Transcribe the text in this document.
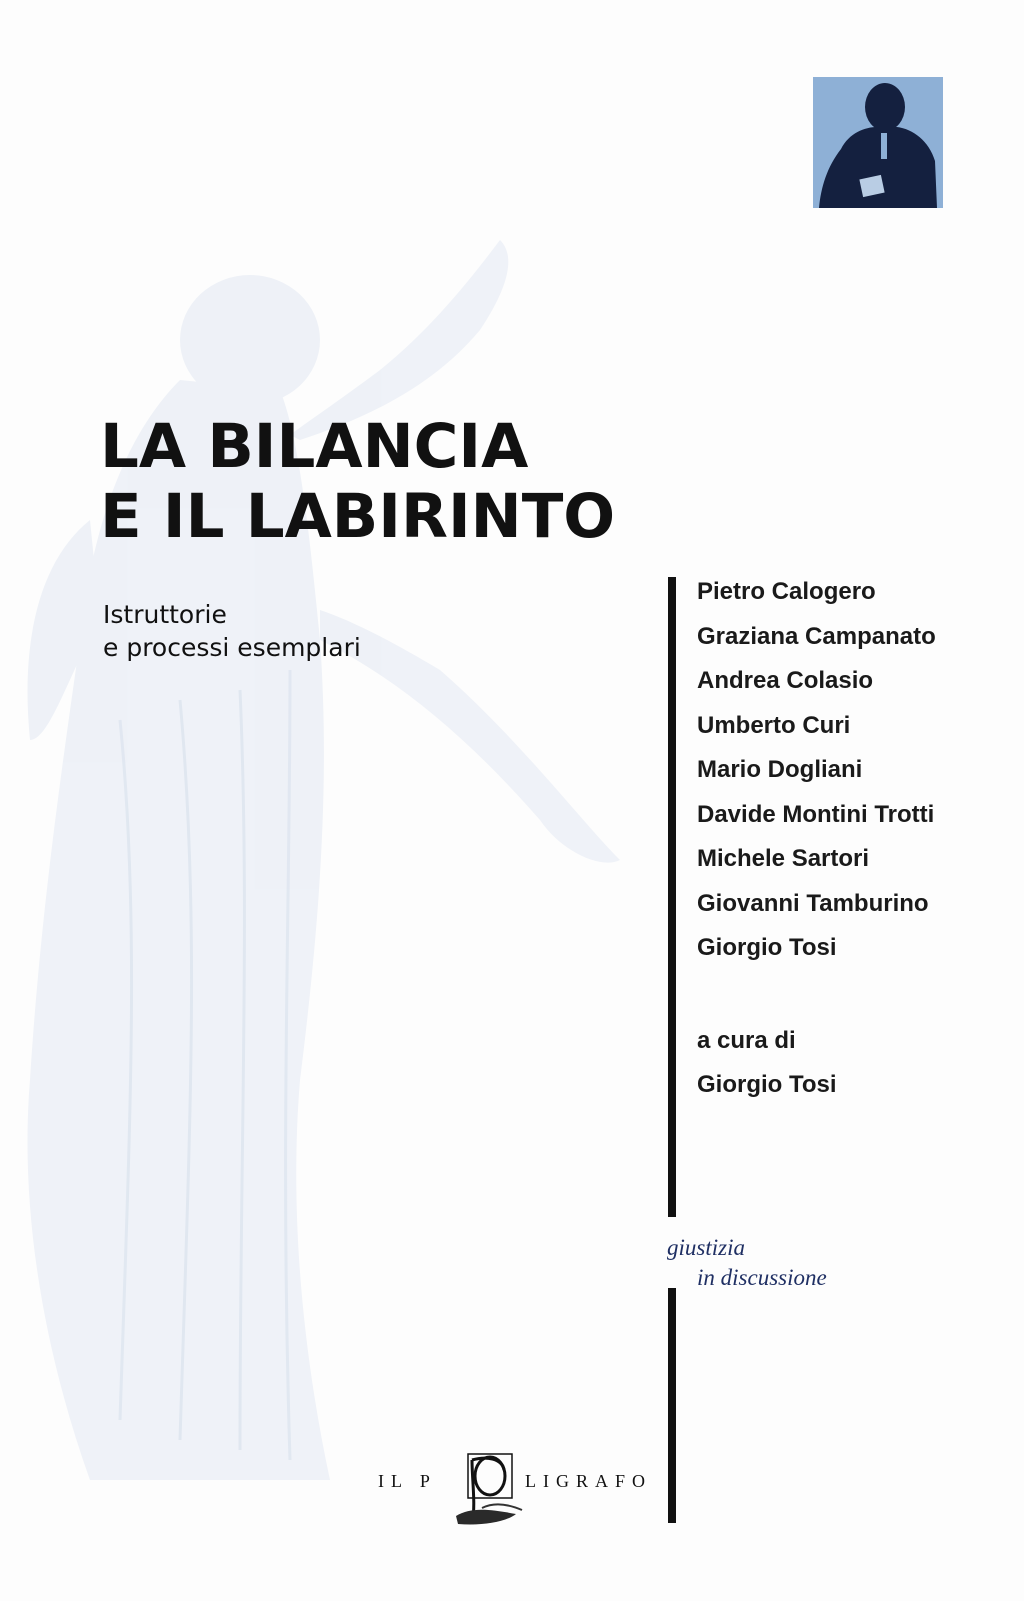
LA BILANCIA
E IL LABIRINTO

Istruttorie
e processi esemplari

Pietro Calogero
Graziana Campanato
Andrea Colasio
Umberto Curi
Mario Dogliani
Davide Montini Trotti
Michele Sartori
Giovanni Tamburino
Giorgio Tosi
a cura di
Giorgio Tosi
giustizia
in discussione
IL P	LIGRAFO
